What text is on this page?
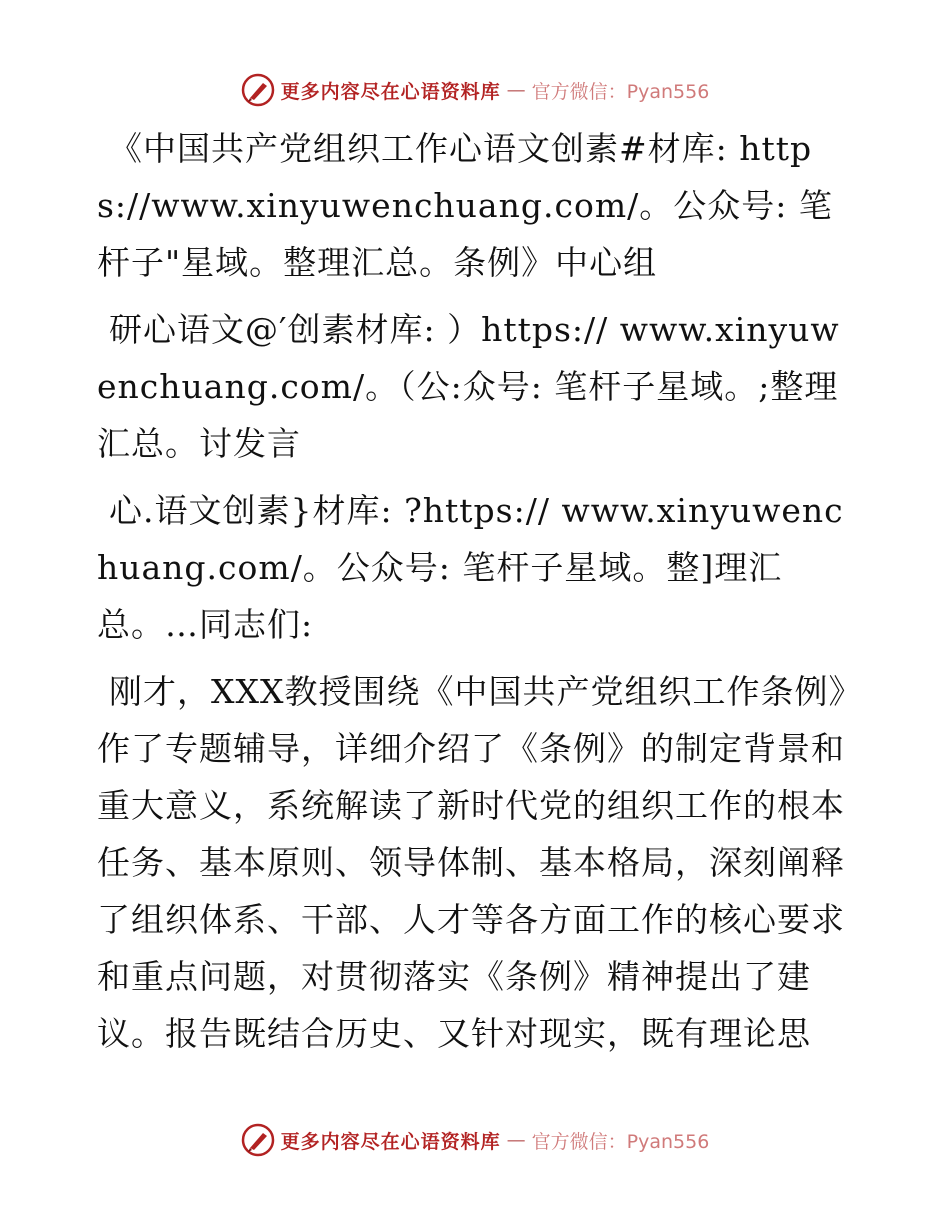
更多内容尽在心语资料库 — 官方微信：Pyan556

《中国共产党组织工作心语文创素#材库: https://www.xinyuwenchuang.com/。公众号: 笔杆子"星域。整理汇总。条例》中心组

研心语文@′创素材库: ）https:// www.xinyuwenchuang.com/。（公:众号: 笔杆子星域。;整理汇总。讨发言

心.语文创素}材库: ?https:// www.xinyuwenchuang.com/。公众号: 笔杆子星域。整]理汇总。…同志们:

刚才，XXX教授围绕《中国共产党组织工作条例》作了专题辅导，详细介绍了《条例》的制定背景和重大意义，系统解读了新时代党的组织工作的根本任务、基本原则、领导体制、基本格局，深刻阐释了组织体系、干部、人才等各方面工作的核心要求和重点问题，对贯彻落实《条例》精神提出了建议。报告既结合历史、又针对现实，既有理论思

更多内容尽在心语资料库 — 官方微信：Pyan556
